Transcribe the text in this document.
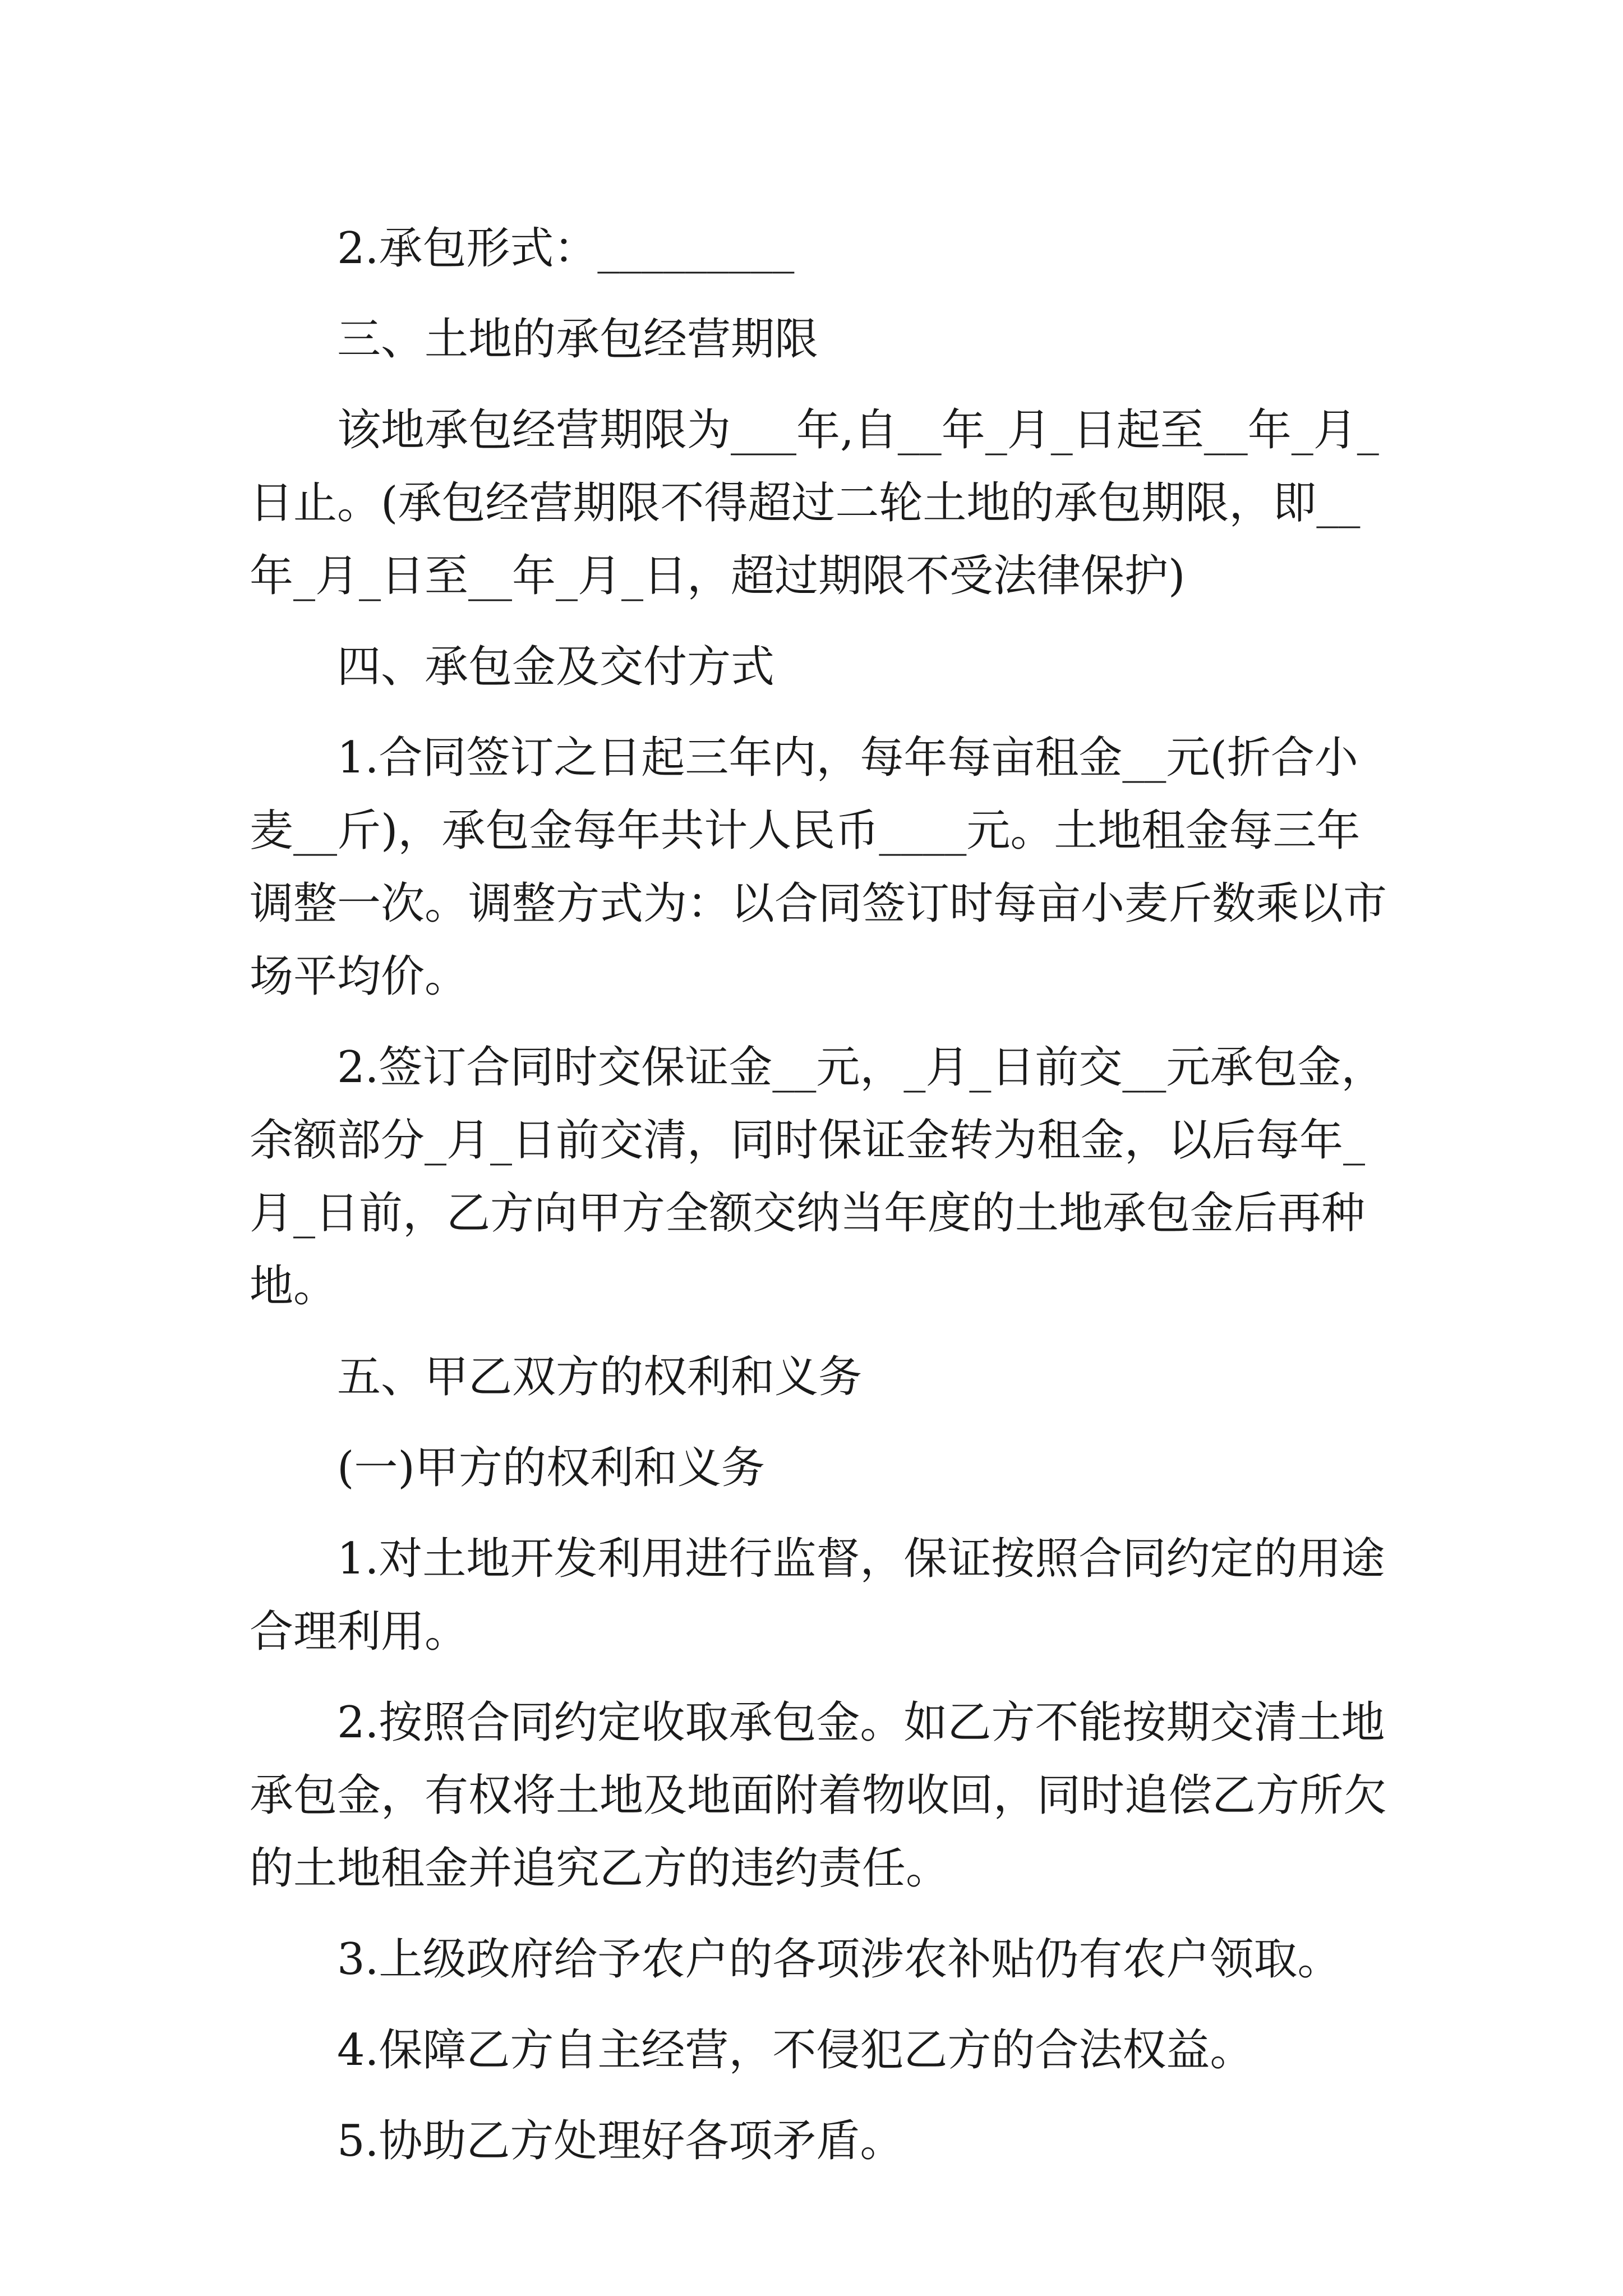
2.承包形式：_________

三、土地的承包经营期限

该地承包经营期限为___年,自__年_月_日起至__年_月_日止。(承包经营期限不得超过二轮土地的承包期限，即__年_月_日至__年_月_日，超过期限不受法律保护)

四、承包金及交付方式

1.合同签订之日起三年内，每年每亩租金__元(折合小麦__斤)，承包金每年共计人民币____元。土地租金每三年调整一次。调整方式为：以合同签订时每亩小麦斤数乘以市场平均价。

2.签订合同时交保证金__元，_月_日前交__元承包金，余额部分_月_日前交清，同时保证金转为租金，以后每年_月_日前，乙方向甲方全额交纳当年度的土地承包金后再种地。

五、甲乙双方的权利和义务

(一)甲方的权利和义务

1.对土地开发利用进行监督，保证按照合同约定的用途合理利用。

2.按照合同约定收取承包金。如乙方不能按期交清土地承包金，有权将土地及地面附着物收回，同时追偿乙方所欠的土地租金并追究乙方的违约责任。

3.上级政府给予农户的各项涉农补贴仍有农户领取。

4.保障乙方自主经营，不侵犯乙方的合法权益。

5.协助乙方处理好各项矛盾。
